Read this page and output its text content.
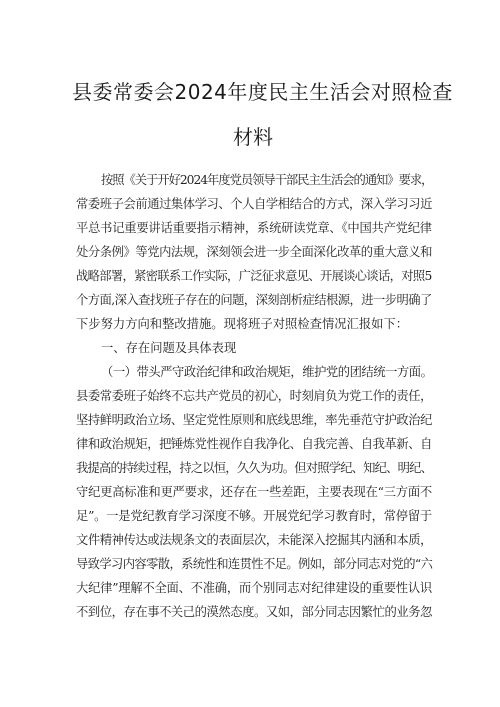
县委常委会2024年度民主生活会对照检查
材料
按照《关于开好2024年度党员领导干部民主生活会的通知》要求，
常委班子会前通过集体学习、个人自学相结合的方式，深入学习习近
平总书记重要讲话重要指示精神，系统研读党章、《中国共产党纪律
处分条例》等党内法规，深刻领会进一步全面深化改革的重大意义和
战略部署，紧密联系工作实际，广泛征求意见、开展谈心谈话，对照5
个方面,深入查找班子存在的问题，深刻剖析症结根源，进一步明确了
下步努力方向和整改措施。现将班子对照检查情况汇报如下：
一、存在问题及具体表现
（一）带头严守政治纪律和政治规矩，维护党的团结统一方面。
县委常委班子始终不忘共产党员的初心，时刻肩负为党工作的责任，
坚持鲜明政治立场、坚定党性原则和底线思维，率先垂范守护政治纪
律和政治规矩，把锤炼党性视作自我净化、自我完善、自我革新、自
我提高的持续过程，持之以恒，久久为功。但对照学纪、知纪、明纪、
守纪更高标准和更严要求，还存在一些差距，主要表现在“三方面不
足”。一是党纪教育学习深度不够。开展党纪学习教育时，常停留于
文件精神传达或法规条文的表面层次，未能深入挖掘其内涵和本质，
导致学习内容零散，系统性和连贯性不足。例如，部分同志对党的“六
大纪律”理解不全面、不准确，而个别同志对纪律建设的重要性认识
不到位，存在事不关己的漠然态度。又如，部分同志因繁忙的业务忽
